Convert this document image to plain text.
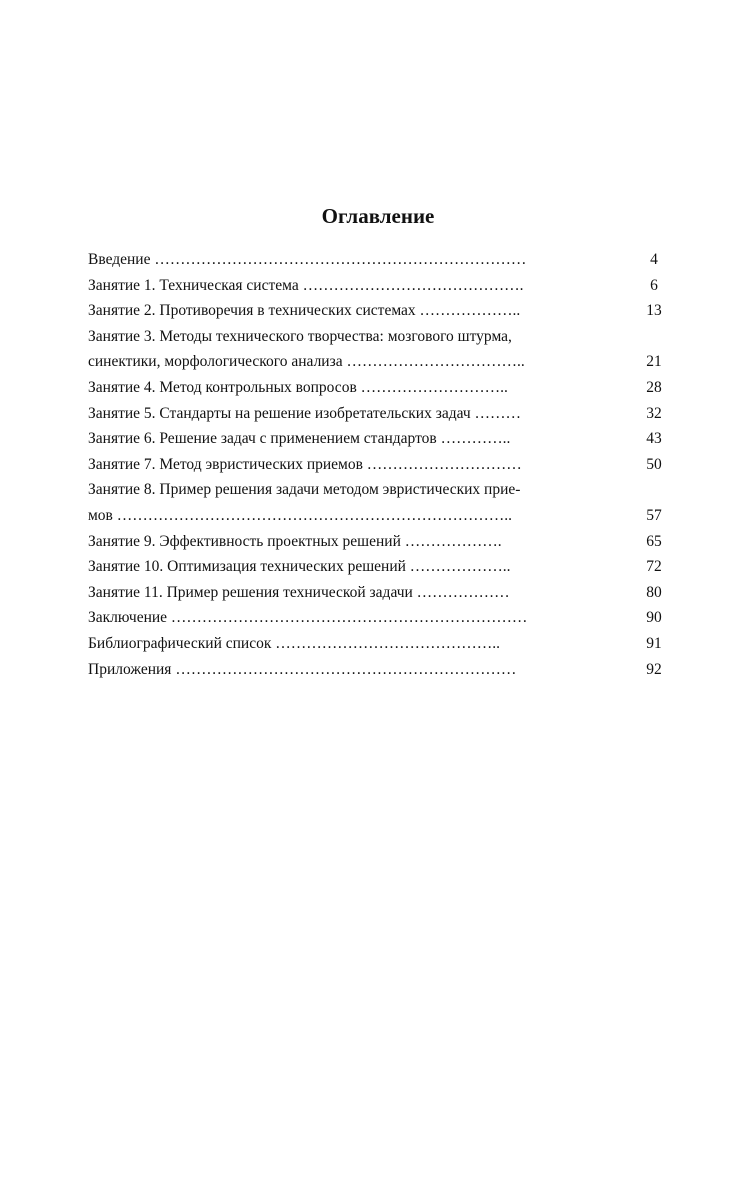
Оглавление
Введение ………………………………………………………………	4
Занятие 1. Техническая система …………………………………….	6
Занятие 2. Противоречия в технических системах ………………..	13
Занятие 3. Методы технического творчества: мозгового штурма,
синектики, морфологического анализа ……………………………..	21
Занятие 4. Метод контрольных вопросов ………………………..	28
Занятие 5. Стандарты на решение изобретательских задач ………	32
Занятие 6. Решение задач с применением стандартов …………..	43
Занятие 7. Метод эвристических приемов …………………………	50
Занятие 8. Пример решения задачи методом эвристических прие-
мов …………………………………………………………………..	57
Занятие 9. Эффективность проектных решений ……………….	65
Занятие 10. Оптимизация технических решений ………………..	72
Занятие 11. Пример решения технической задачи ………………	80
Заключение ……………………………………………………………	90
Библиографический список ……………………………………..	91
Приложения …………………………………………………………	92
